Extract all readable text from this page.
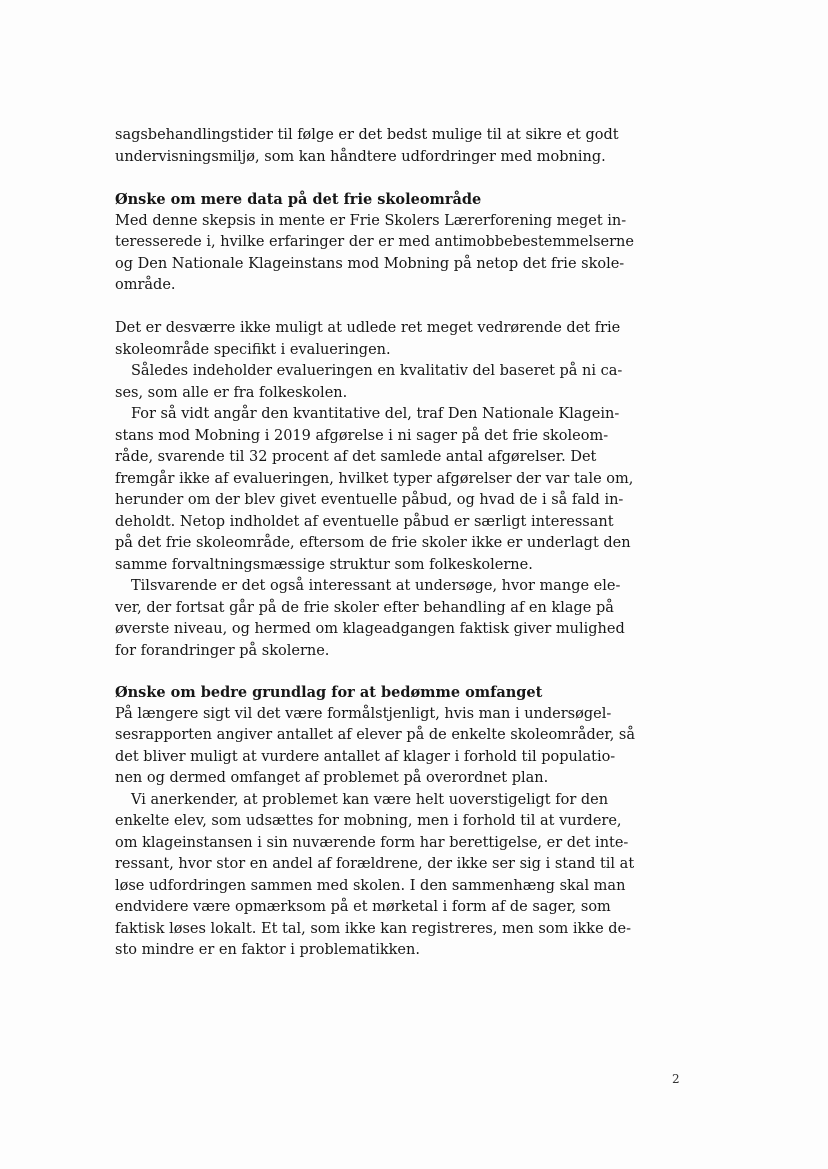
sagsbehandlingstider til følge er det bedst mulige til at sikre et godt
undervisningsmiljø, som kan håndtere udfordringer med mobning.
Ønske om mere data på det frie skoleområde
Med denne skepsis in mente er Frie Skolers Lærerforening meget in-
teresserede i, hvilke erfaringer der er med antimobbebestemmelserne
og Den Nationale Klageinstans mod Mobning på netop det frie skole-
område.
Det er desværre ikke muligt at udlede ret meget vedrørende det frie
skoleområde specifikt i evalueringen.
Således indeholder evalueringen en kvalitativ del baseret på ni ca-
ses, som alle er fra folkeskolen.
For så vidt angår den kvantitative del, traf Den Nationale Klagein-
stans mod Mobning i 2019 afgørelse i ni sager på det frie skoleom-
råde, svarende til 32 procent af det samlede antal afgørelser. Det
fremgår ikke af evalueringen, hvilket typer afgørelser der var tale om,
herunder om der blev givet eventuelle påbud, og hvad de i så fald in-
deholdt. Netop indholdet af eventuelle påbud er særligt interessant
på det frie skoleområde, eftersom de frie skoler ikke er underlagt den
samme forvaltningsmæssige struktur som folkeskolerne.
Tilsvarende er det også interessant at undersøge, hvor mange ele-
ver, der fortsat går på de frie skoler efter behandling af en klage på
øverste niveau, og hermed om klageadgangen faktisk giver mulighed
for forandringer på skolerne.
Ønske om bedre grundlag for at bedømme omfanget
På længere sigt vil det være formålstjenligt, hvis man i undersøgel-
sesrapporten angiver antallet af elever på de enkelte skoleområder, så
det bliver muligt at vurdere antallet af klager i forhold til populatio-
nen og dermed omfanget af problemet på overordnet plan.
Vi anerkender, at problemet kan være helt uoverstigeligt for den
enkelte elev, som udsættes for mobning, men i forhold til at vurdere,
om klageinstansen i sin nuværende form har berettigelse, er det inte-
ressant, hvor stor en andel af forældrene, der ikke ser sig i stand til at
løse udfordringen sammen med skolen. I den sammenhæng skal man
endvidere være opmærksom på et mørketal i form af de sager, som
faktisk løses lokalt. Et tal, som ikke kan registreres, men som ikke de-
sto mindre er en faktor i problematikken.
2
